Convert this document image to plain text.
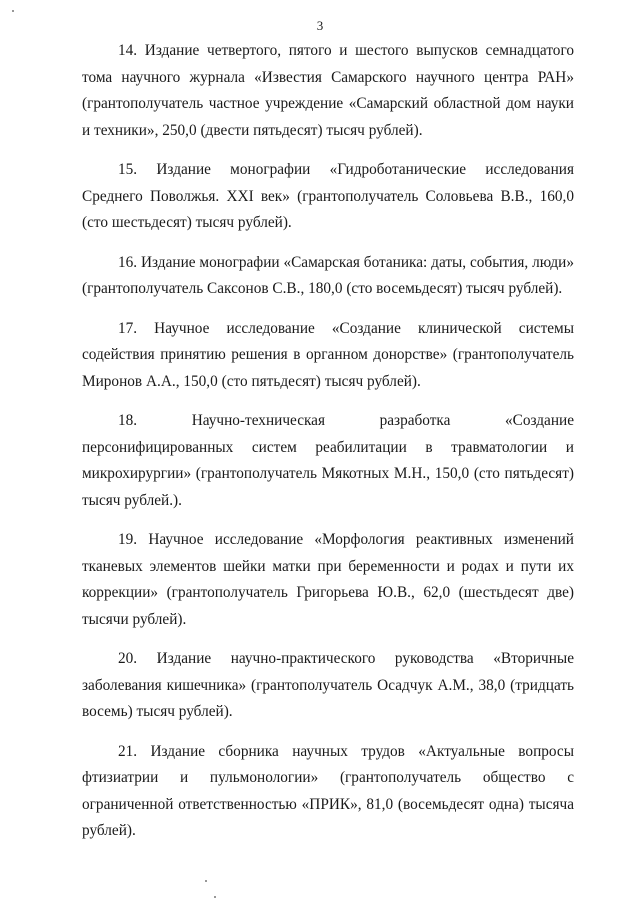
3

14. Издание четвертого, пятого и шестого выпусков семнадцатого тома научного журнала «Известия Самарского научного центра РАН» (грантополучатель частное учреждение «Самарский областной дом науки и техники», 250,0 (двести пятьдесят) тысяч рублей).

15. Издание монографии «Гидроботанические исследования Среднего Поволжья. XXI век» (грантополучатель Соловьева В.В., 160,0 (сто шестьдесят) тысяч рублей).

16. Издание монографии «Самарская ботаника: даты, события, люди» (грантополучатель Саксонов С.В., 180,0 (сто восемьдесят) тысяч рублей).

17. Научное исследование «Создание клинической системы содействия принятию решения в органном донорстве» (грантополучатель Миронов А.А., 150,0 (сто пятьдесят) тысяч рублей).

18. Научно-техническая разработка «Создание персонифицированных систем реабилитации в травматологии и микрохирургии» (грантополучатель Мякотных М.Н., 150,0 (сто пятьдесят) тысяч рублей.).

19. Научное исследование «Морфология реактивных изменений тканевых элементов шейки матки при беременности и родах и пути их коррекции» (грантополучатель Григорьева Ю.В., 62,0 (шестьдесят две) тысячи рублей).

20. Издание научно-практического руководства «Вторичные заболевания кишечника» (грантополучатель Осадчук А.М., 38,0 (тридцать восемь) тысяч рублей).

21. Издание сборника научных трудов «Актуальные вопросы фтизиатрии и пульмонологии» (грантополучатель общество с ограниченной ответственностью «ПРИК», 81,0 (восемьдесят одна) тысяча рублей).
